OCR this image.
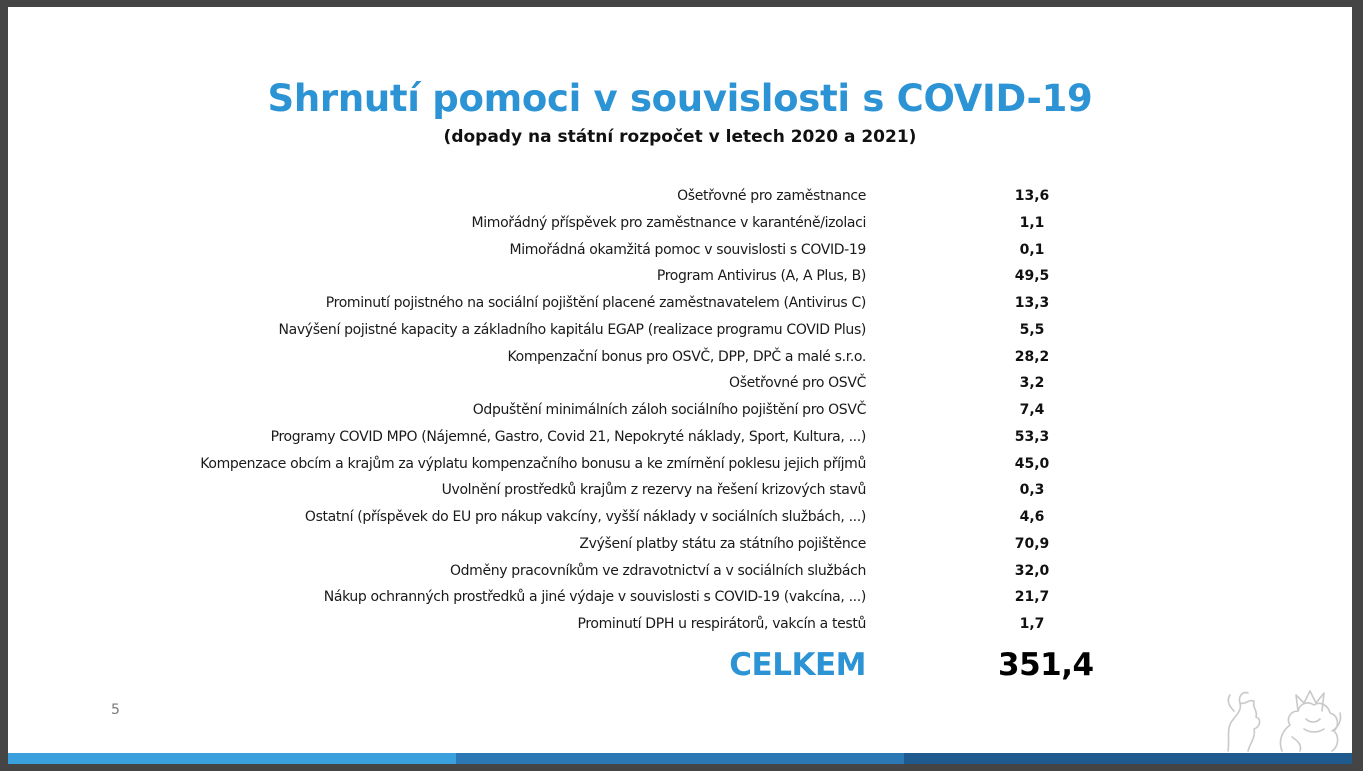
Shrnutí pomoci v souvislosti s COVID-19
(dopady na státní rozpočet v letech 2020 a 2021)
Ošetřovné pro zaměstnance	13,6
Mimořádný příspěvek pro zaměstnance v karanténě/izolaci	1,1
Mimořádná okamžitá pomoc v souvislosti s COVID-19	0,1
Program Antivirus (A, A Plus, B)	49,5
Prominutí pojistného na sociální pojištění placené zaměstnavatelem (Antivirus C)	13,3
Navýšení pojistné kapacity a základního kapitálu EGAP (realizace programu COVID Plus)	5,5
Kompenzační bonus pro OSVČ, DPP, DPČ a malé s.r.o.	28,2
Ošetřovné pro OSVČ	3,2
Odpuštění minimálních záloh sociálního pojištění pro OSVČ	7,4
Programy COVID MPO (Nájemné, Gastro, Covid 21, Nepokryté náklady, Sport, Kultura, ...)	53,3
Kompenzace obcím a krajům za výplatu kompenzačního bonusu a ke zmírnění poklesu jejich příjmů	45,0
Uvolnění prostředků krajům z rezervy na řešení krizových stavů	0,3
Ostatní (příspěvek do EU pro nákup vakcíny, vyšší náklady v sociálních službách, ...)	4,6
Zvýšení platby státu za státního pojištěnce	70,9
Odměny pracovníkům ve zdravotnictví a v sociálních službách	32,0
Nákup ochranných prostředků a jiné výdaje v souvislosti s COVID-19 (vakcína, ...)	21,7
Prominutí DPH u respirátorů, vakcín a testů	1,7
CELKEM	351,4
5
